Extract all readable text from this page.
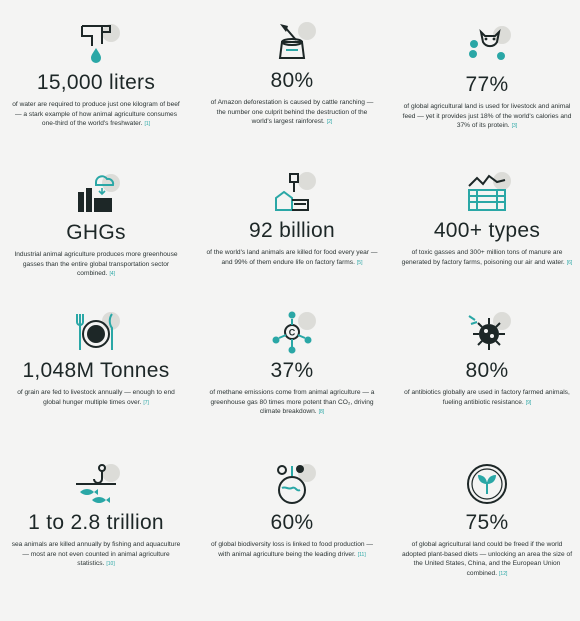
15,000 liters
of water are required to produce just one kilogram of beef — a stark example of how animal agriculture consumes one-third of the world's freshwater. [1]
80%
of Amazon deforestation is caused by cattle ranching — the number one culprit behind the destruction of the world's largest rainforest. [2]
77%
of global agricultural land is used for livestock and animal feed — yet it provides just 18% of the world's calories and 37% of its protein. [3]
GHGs
Industrial animal agriculture produces more greenhouse gasses than the entire global transportation sector combined. [4]
92 billion
of the world's land animals are killed for food every year — and 99% of them endure life on factory farms. [5]
400+ types
of toxic gasses and 300+ million tons of manure are generated by factory farms, poisoning our air and water. [6]
1,048M Tonnes
of grain are fed to livestock annually — enough to end global hunger multiple times over. [7]
C
37%
of methane emissions come from animal agriculture — a greenhouse gas 80 times more potent than CO₂, driving climate breakdown. [8]
80%
of antibiotics globally are used in factory farmed animals, fueling antibiotic resistance. [9]
1 to 2.8 trillion
sea animals are killed annually by fishing and aquaculture — most are not even counted in animal agriculture statistics. [10]
60%
of global biodiversity loss is linked to food production — with animal agriculture being the leading driver. [11]
75%
of global agricultural land could be freed if the world adopted plant-based diets — unlocking an area the size of the United States, China, and the European Union combined. [12]
